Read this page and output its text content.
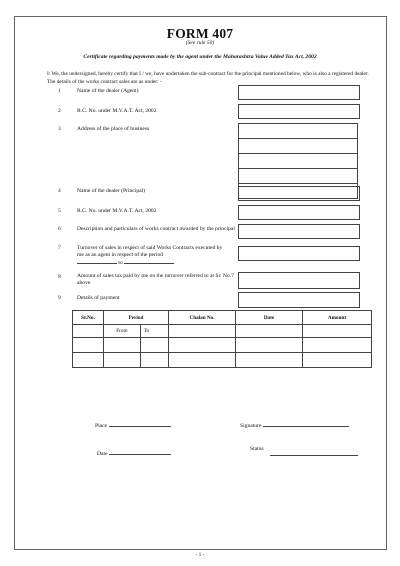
FORM 407
(See rule 50)
Certificate regarding payments made by the agent under the Maharashtra Value Added Tax Act, 2002
I/ We, the undersigned, hereby certify that I / we, have undertaken the sub-contract for the principal mentioned below, who is also a registered dealer. The details of the works contract sales are as under: -
1	Name of the dealer (Agent)
2	R.C. No. under M.V.A.T. Act, 2002
3	Address of the place of business
4	Name of the dealer (Principal)
5	R.C. No. under M.V.A.T. Act, 2002
6	Description and particulars of works contract awarded by the principal
7	Turnover of sales in respect of said Works Contracts executed by me as an agent in respect of the period
to
8	Amount of sales tax paid by me on the turnover referred to at Sr. No.7 above
9	Details of payment
Sr.No.	Period		Chalan No.	Date	Amount
	From	To			

Place	Signature
Status
Date
- 1 -
